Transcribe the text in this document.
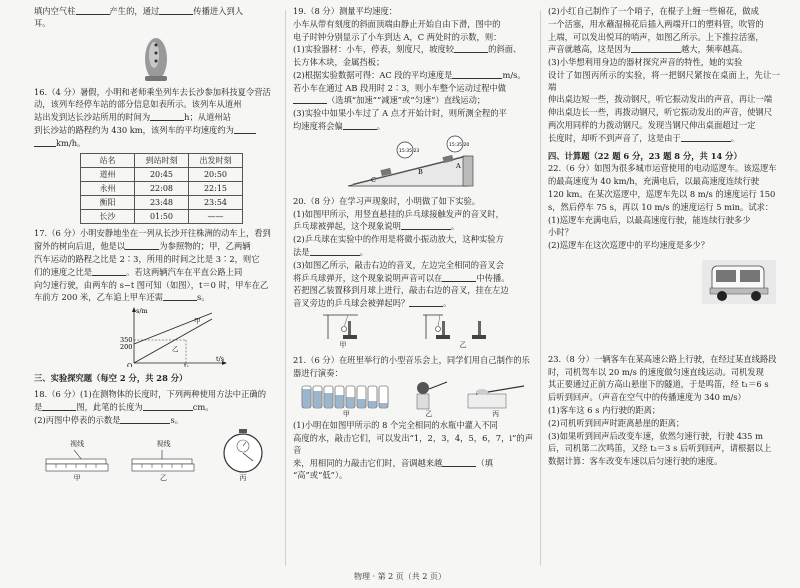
填内空气柱	产生的，通过	传播进入到人
耳。

16.（4 分）暑假，小明和老师乘坐列车去长沙参加科技夏令营活

动，该列车经停车站的部分信息如表所示。该列车从道州

站出发到达长沙站所用的时间为	h；从道州站

到长沙站的路程约为 430 km，该列车的平均速度约为

km/h。

站名	到站时刻	出发时刻
道州	20:45	20:50
永州	22:08	22:15
衡阳	23:48	23:54
长沙	01:50	——

17.（6 分）小明安静地坐在一列从长沙开往株洲的动车上，看到

窗外的树向后退，他是以	为参照物的；甲，乙两辆

汽车运动的路程之比是 2∶3，所用的时间之比是 3∶2，则它

们的速度之比是	。若这两辆汽车在平直公路上同

向匀速行驶，由两车的 s−t 图可知（如图），t＝0 时，甲车在乙

车前方 200 米，乙车追上甲车还需	s。

s/m
t/s
350
200
t₁
甲
乙
O

三、实验探究题（每空 2 分，共 28 分）

18.（6 分）(1)在测物体的长度时，下列两种使用方法中正确的

是	图，此笔的长度为	cm。

(2)丙图中停表的示数是	s。

视线
甲
视线
乙	丙

19.（8 分）测量平均速度：

小车从带有刻度的斜面顶端由静止开始自由下滑，图中的

电子时钟分别显示了小车到达 A，C 两处时的示数，则：

(1)实验器材：小车，停表，刻度尺，坡度较	的斜面、

长方体木块，金属挡板；

(2)根据实验数据可得：AC 段的平均速度是	m/s。

若小车在通过 AB 段用时 2∶3，则小车整个运动过程中做

（选填“加速”“减速”或“匀速”）直线运动；

(3)实验中如果小车过了 A 点才开始计时，则所测全程的平

均速度将会偏	。

15:35:23
15:35:20
A
B
C

20.（8 分）在学习声现象时，小明做了如下实验。

(1)如图甲所示，用竖直悬挂的乒乓球接触发声的音叉时，

乒乓球被弹起，这个现象说明	。

(2)乒乓球在实验中的作用是将微小振动放大，这种实验方

法是	。

(3)如图乙所示，敲击右边的音叉，左边完全相同的音叉会

将乒乓球弹开，这个现象说明声音可以在	中传播。

若把图乙装置移到月球上进行，敲击右边的音叉，挂在左边

音叉旁边的乒乓球会被弹起吗？	。

甲	乙

21.（6 分）在班里举行的小型音乐会上，同学们用自己制作的乐

器进行演奏：

甲	乙	丙

(1)小明在如图甲所示的 8 个完全相同的水瓶中灌入不同

高度的水，敲击它们，可以发出“1，2，3，4，5，6，7，i”的声音

来，用相同的力敲击它们时，音调越来越	（填

“高”或“低”）。

(2)小红自己制作了一个哨子，在棍子上缠一些棉花，做成

一个活塞，用水蘸湿棉花后插入两端开口的塑料管，吹管的

上端，可以发出悦耳的哨声，如图乙所示。上下推拉活塞，

声音就越高，这是因为	越大，频率越高。

(3)小华想利用身边的器材探究声音的特性，她的实验

设计了如图丙所示的实验，将一把钢尺紧按在桌面上，先让一端

伸出桌边短一些，拨动钢尺，听它振动发出的声音，再让一端

伸出桌边长一些，再拨动钢尺，听它振动发出的声音，使钢尺

两次用同样的力拨动钢尺。发现当钢尺伸出桌面超过一定

长度时，却听不到声音了，这是由于	。

四、计算题（22 题 6 分，23 题 8 分，共 14 分）

22.（6 分）如图为很多城市运营使用的电动巡逻车。该巡逻车

的最高速度为 40 km/h，充满电后，以最高速度连续行驶

120 km。在某次巡逻中，巡逻车先以 8 m/s 的速度运行 150

s，然后停车 75 s，再以 10 m/s 的速度运行 5 min。试求：

(1)巡逻车充满电后，以最高速度行驶，能连续行驶多少

小时？

(2)巡逻车在这次巡逻中的平均速度是多少？

23.（8 分）一辆客车在某高速公路上行驶，在经过某直线路段

时，司机驾车以 20 m/s 的速度做匀速直线运动。司机发现

其正要通过正前方高山悬崖下的隧道，于是鸣笛，经 t₁＝6 s

后听到回声。（声音在空气中的传播速度为 340 m/s）

(1)客车这 6 s 内行驶的距离；

(2)司机听到回声时距离悬崖的距离；

(3)如果听到回声后改变车速，依然匀速行驶，行驶 435 m

后，司机第二次鸣笛，又经 t₂＝3 s 后听到回声，请根据以上

数据计算：客车改变车速以后匀速行驶的速度。

物理 · 第 2 页（共 2 页）
